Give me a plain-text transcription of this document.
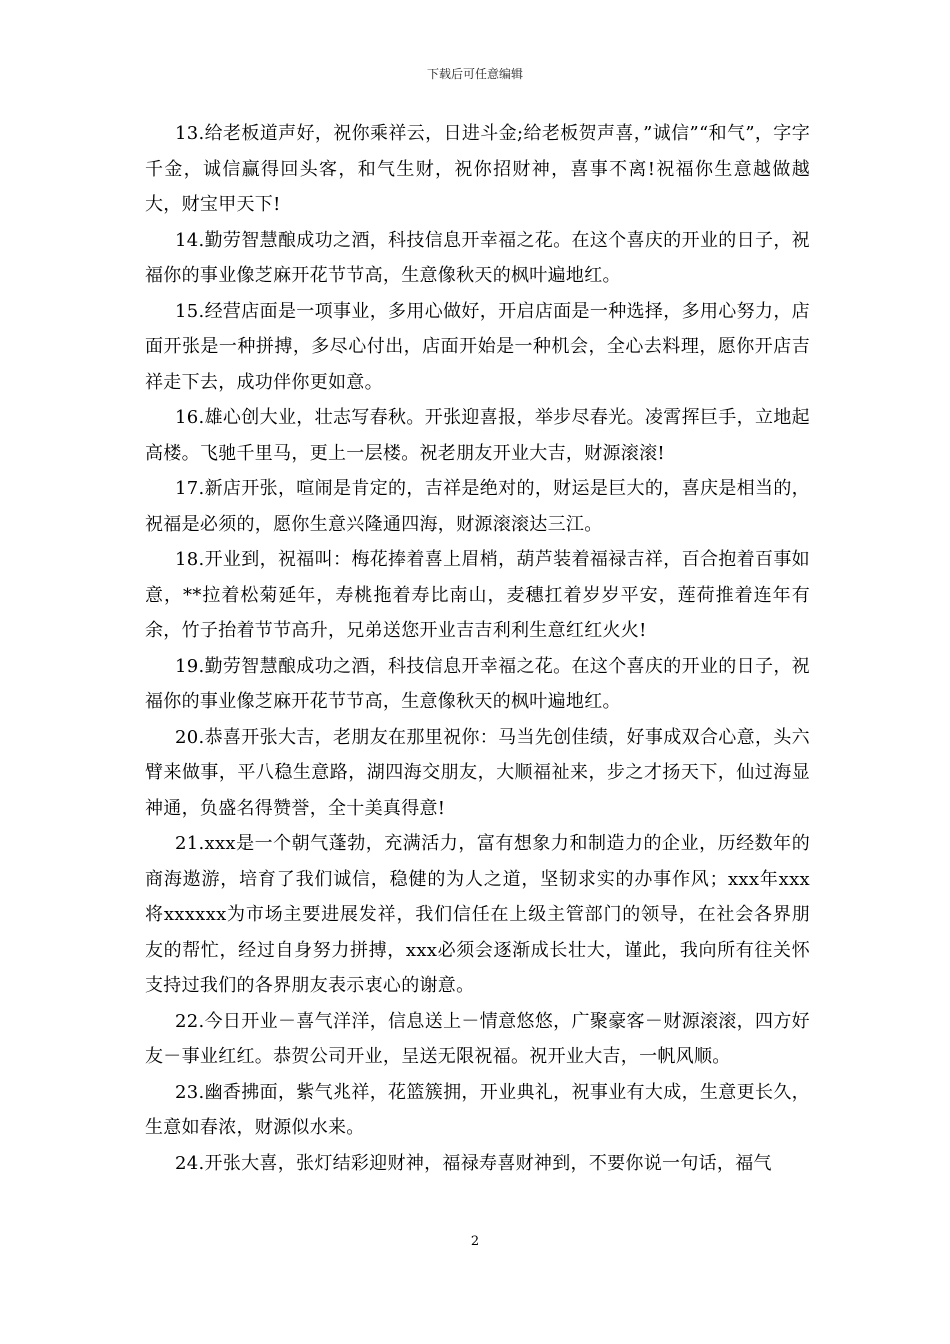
下载后可任意编辑

13.给老板道声好，祝你乘祥云，日进斗金;给老板贺声喜，”诚信”“和气”，字字千金，诚信赢得回头客，和气生财，祝你招财神，喜事不离!祝福你生意越做越大，财宝甲天下!

14.勤劳智慧酿成功之酒，科技信息开幸福之花。在这个喜庆的开业的日子，祝福你的事业像芝麻开花节节高，生意像秋天的枫叶遍地红。

15.经营店面是一项事业，多用心做好，开启店面是一种选择，多用心努力，店面开张是一种拼搏，多尽心付出，店面开始是一种机会，全心去料理，愿你开店吉祥走下去，成功伴你更如意。

16.雄心创大业，壮志写春秋。开张迎喜报，举步尽春光。凌霄挥巨手，立地起高楼。飞驰千里马，更上一层楼。祝老朋友开业大吉，财源滚滚!

17.新店开张，喧闹是肯定的，吉祥是绝对的，财运是巨大的，喜庆是相当的，祝福是必须的，愿你生意兴隆通四海，财源滚滚达三江。

18.开业到，祝福叫：梅花捧着喜上眉梢，葫芦装着福禄吉祥，百合抱着百事如意，**拉着松菊延年，寿桃拖着寿比南山，麦穗扛着岁岁平安，莲荷推着连年有余，竹子抬着节节高升，兄弟送您开业吉吉利利生意红红火火!

19.勤劳智慧酿成功之酒，科技信息开幸福之花。在这个喜庆的开业的日子，祝福你的事业像芝麻开花节节高，生意像秋天的枫叶遍地红。

20.恭喜开张大吉，老朋友在那里祝你：马当先创佳绩，好事成双合心意，头六臂来做事，平八稳生意路，湖四海交朋友，大顺福祉来，步之才扬天下，仙过海显神通，负盛名得赞誉，全十美真得意!

21.xxx是一个朝气蓬勃，充满活力，富有想象力和制造力的企业，历经数年的商海遨游，培育了我们诚信，稳健的为人之道，坚韧求实的办事作风；xxx年xxx将xxxxxx为市场主要进展发祥，我们信任在上级主管部门的领导，在社会各界朋友的帮忙，经过自身努力拼搏，xxx必须会逐渐成长壮大，谨此，我向所有往关怀支持过我们的各界朋友表示衷心的谢意。

22.今日开业－喜气洋洋，信息送上－情意悠悠，广聚豪客－财源滚滚，四方好友－事业红红。恭贺公司开业，呈送无限祝福。祝开业大吉，一帆风顺。

23.幽香拂面，紫气兆祥，花篮簇拥，开业典礼，祝事业有大成，生意更长久，生意如春浓，财源似水来。

24.开张大喜，张灯结彩迎财神，福禄寿喜财神到，不要你说一句话，福气

2
